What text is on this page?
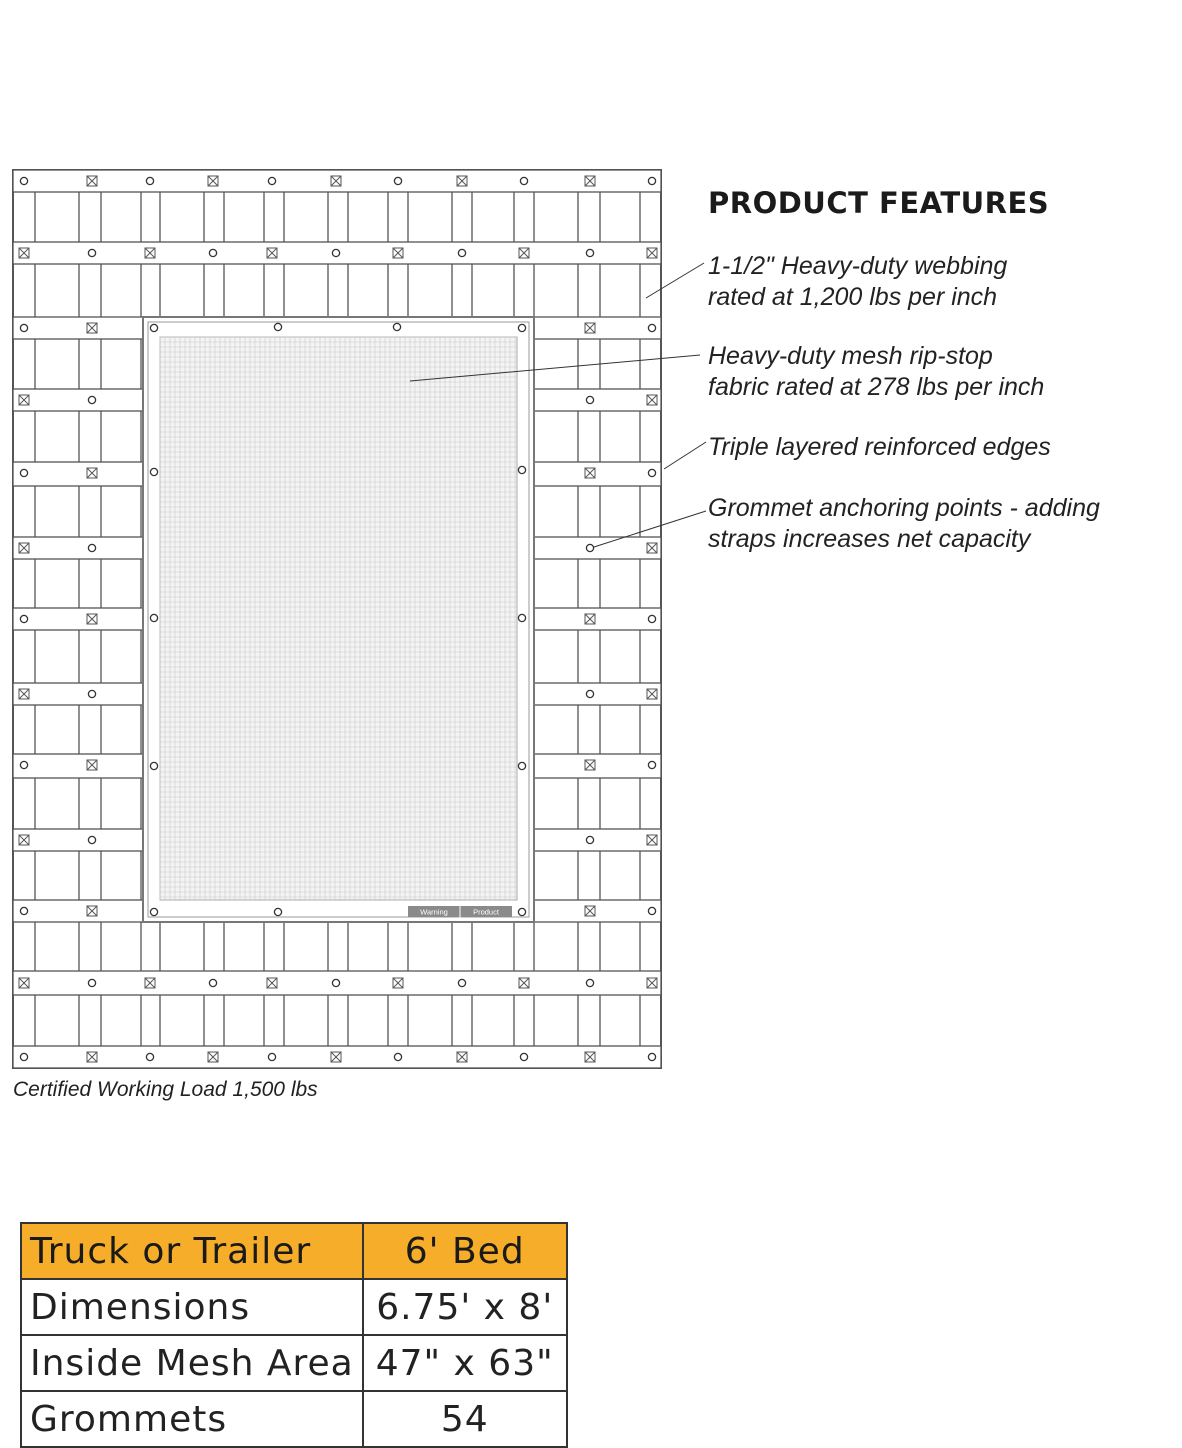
Warning	Product
PRODUCT FEATURES
1-1/2" Heavy-duty webbing
rated at 1,200 lbs per inch
Heavy-duty mesh rip-stop
fabric rated at 278 lbs per inch
Triple layered reinforced edges
Grommet anchoring points - adding
straps increases net capacity
Certified Working Load 1,500 lbs
Truck or Trailer	6' Bed
Dimensions	6.75' x 8'
Inside Mesh Area	47" x 63"
Grommets	54
